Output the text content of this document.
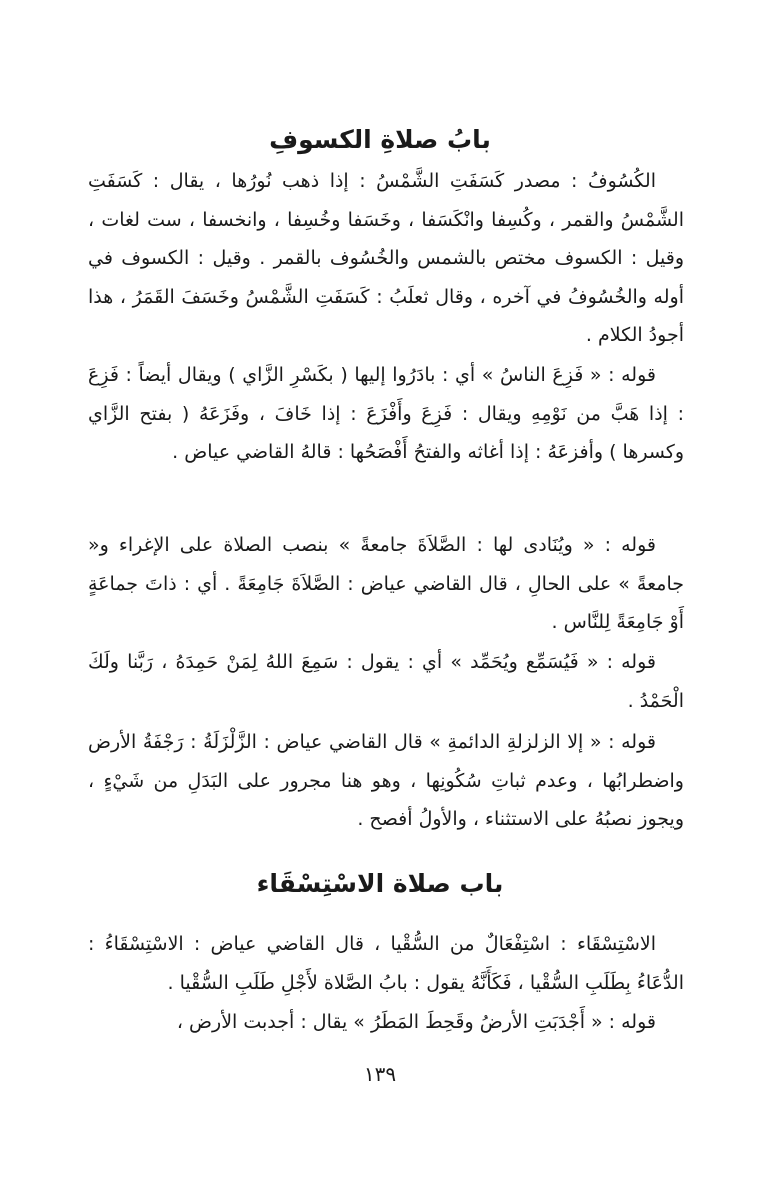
بابُ صلاةِ الكسوفِ

الكُسُوفُ : مصدر كَسَفَتِ الشَّمْسُ : إذا ذهب نُورُها ، يقال : كَسَفَتِ الشَّمْسُ والقمر ، وكُسِفا وانْكَسَفا ، وخَسَفا وخُسِفا ، وانخسفا ، ست لغات ، وقيل : الكسوف مختص بالشمس والخُسُوف بالقمر . وقيل : الكسوف في أوله والخُسُوفُ في آخره ، وقال ثعلَبُ : كَسَفَتِ الشَّمْسُ وخَسَفَ القَمَرُ ، هذا أجودُ الكلام .

قوله : « فَزِعَ الناسُ » أي : بادَرُوا إليها ( بكَسْرِ الزَّاي ) ويقال أيضاً : فَزِعَ : إذا هَبَّ من نَوْمِهِ ويقال : فَزِعَ وأَفْزَعَ : إذا خَافَ ، وفَزَعَهُ ( بفتح الزَّاي وكسرها ) وأفزعَهُ : إذا أغاثه والفتحُ أَفْصَحُها : قالهُ القاضي عياض .

قوله : « ويُنَادى لها : الصَّلاَةَ جامعةً » بنصب الصلاة على الإغراء و« جامعةً » على الحالِ ، قال القاضي عياض : الصَّلاَةَ جَامِعَةً . أي : ذاتَ جماعَةٍ أَوْ جَامِعَةً لِلنَّاس .

قوله : « فَيُسَمِّع ويُحَمِّد » أي : يقول : سَمِعَ اللهُ لِمَنْ حَمِدَهُ ، رَبَّنا ولَكَ الْحَمْدُ .

قوله : « إلا الزلزلةِ الدائمةِ » قال القاضي عياض : الزَّلْزَلَةُ : رَجْفَةُ الأرض واضطرابُها ، وعدم ثباتِ سُكُونِها ، وهو هنا مجرور على البَدَلِ من شَيْءٍ ، ويجوز نصبُهُ على الاستثناء ، والأولُ أفصح .

باب صلاة الاسْتِسْقَاء

الاسْتِسْقَاء : اسْتِفْعَالٌ من السُّقْيا ، قال القاضي عياض : الاسْتِسْقَاءُ : الدُّعَاءُ بِطَلَبِ السُّقْيا ، فَكَأَنَّهُ يقول : بابُ الصَّلاة لأَجْلِ طَلَبِ السُّقْيا .

قوله : « أَجْدَبَتِ الأرضُ وقَحِطَ المَطَرُ » يقال : أجدبت الأرض ،

١٣٩
